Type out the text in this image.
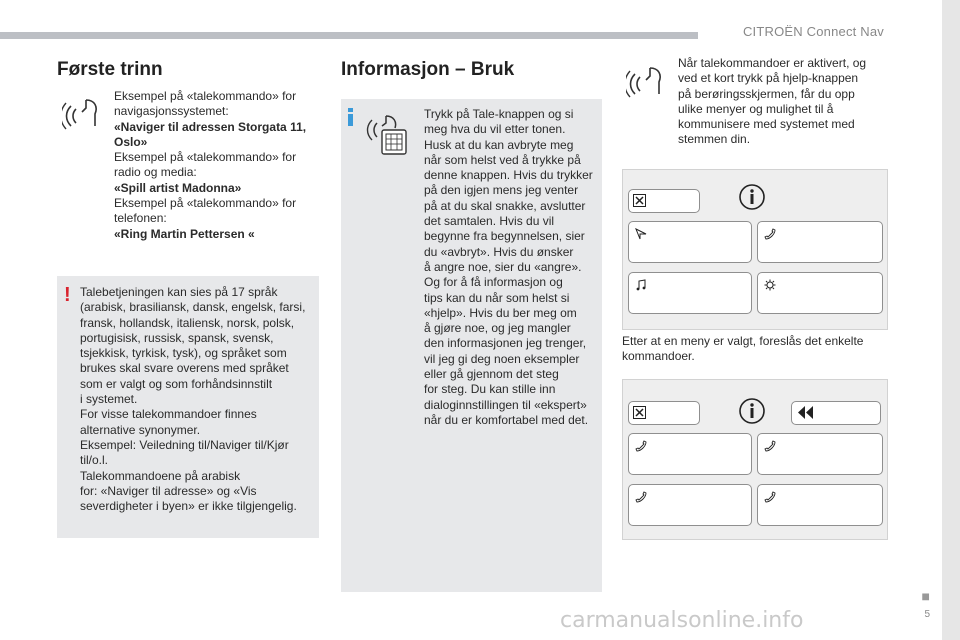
CITROËN Connect Nav
■
5
carmanualsonline.info
Første trinn
Eksempel på «talekommando» for
navigasjonssystemet:
«Naviger til adressen Storgata 11,
Oslo»
Eksempel på «talekommando» for
radio og media:
«Spill artist Madonna»
Eksempel på «talekommando» for
telefonen:
«Ring Martin Pettersen «
! Talebetjeningen kan sies på 17 språk
(arabisk, brasiliansk, dansk, engelsk, farsi,
fransk, hollandsk, italiensk, norsk, polsk,
portugisisk, russisk, spansk, svensk,
tsjekkisk, tyrkisk, tysk), og språket som
brukes skal svare overens med språket
som er valgt og som forhåndsinnstilt
i systemet.
For visse talekommandoer finnes
alternative synonymer.
Eksempel: Veiledning til/Naviger til/Kjør
til/o.l.
Talekommandoene på arabisk
for: «Naviger til adresse» og «Vis
severdigheter i byen» er ikke tilgjengelig.
Informasjon – Bruk
Trykk på Tale-knappen og si
meg hva du vil etter tonen.
Husk at du kan avbryte meg
når som helst ved å trykke på
denne knappen. Hvis du trykker
på den igjen mens jeg venter
på at du skal snakke, avslutter
det samtalen. Hvis du vil
begynne fra begynnelsen, sier
du «avbryt». Hvis du ønsker
å angre noe, sier du «angre».
Og for å få informasjon og
tips kan du når som helst si
«hjelp». Hvis du ber meg om
å gjøre noe, og jeg mangler
den informasjonen jeg trenger,
vil jeg gi deg noen eksempler
eller gå gjennom det steg
for steg. Du kan stille inn
dialoginnstillingen til «ekspert»
når du er komfortabel med det.
Når talekommandoer er aktivert, og
ved et kort trykk på hjelp-knappen
på berøringsskjermen, får du opp
ulike menyer og mulighet til å
kommunisere med systemet med
stemmen din.
Etter at en meny er valgt, foreslås det enkelte
kommandoer.
